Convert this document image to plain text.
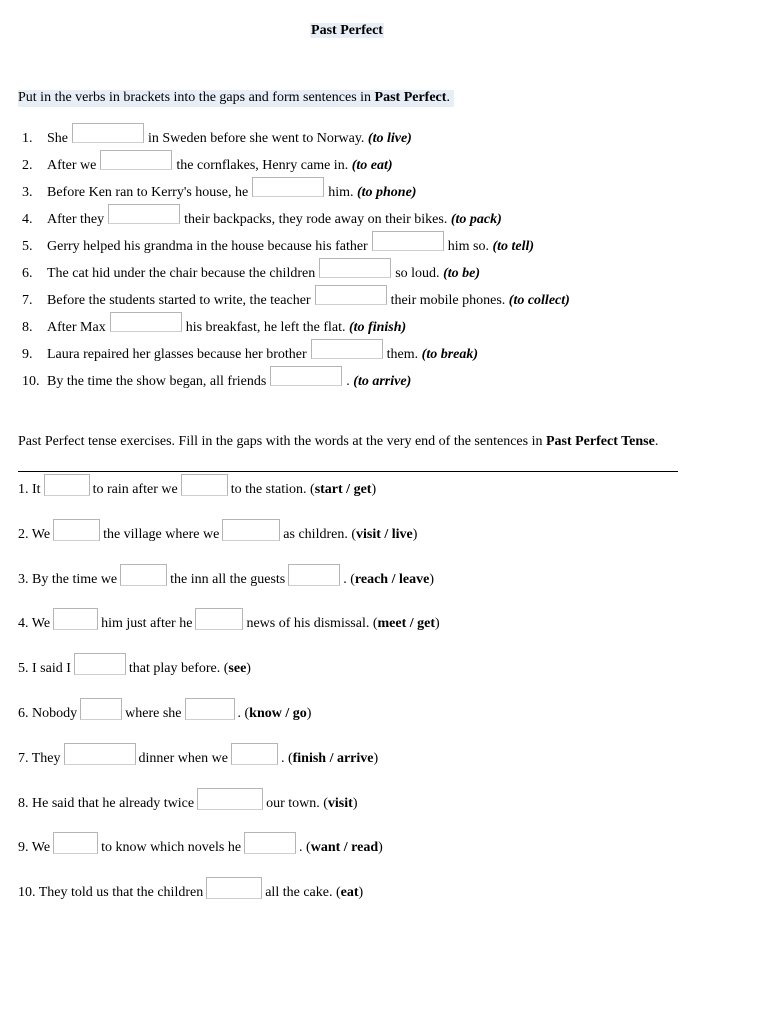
Past Perfect
Put in the verbs in brackets into the gaps and form sentences in Past Perfect.
1.	She	in Sweden before she went to Norway.
(to live)
2.	After we	the cornflakes, Henry came in.
(to eat)
3.	Before Ken ran to Kerry's house, he	him.
(to phone)
4.	After they	their backpacks, they rode away on their bikes.
(to pack)
5.	Gerry helped his grandma in the house because his father	him so.
(to tell)
6.	The cat hid under the chair because the children	so loud.
(to be)
7.	Before the students started to write, the teacher	their mobile phones.
(to collect)
8.	After Max	his breakfast, he left the flat.
(to finish)
9.	Laura repaired her glasses because her brother	them.
(to break)
10. By the time the show began, all friends	.
(to arrive)
Past Perfect tense exercises. Fill in the gaps with the words at the very end of the sentences in Past Perfect Tense.
1. It	to rain after we	to the station. ( start / get )
2. We	the village where we	as children. ( visit / live )
3. By the time we	the inn all the guests	. ( reach / leave )
4. We	him just after he	news of his dismissal. ( meet / get )
5. I said I	that play before. ( see )
6. Nobody	where she	. ( know / go )
7. They	dinner when we	. ( finish / arrive )
8. He said that he already twice	our town. ( visit )
9. We	to know which novels he	. ( want / read )
10. They told us that the children	all the cake. ( eat )
